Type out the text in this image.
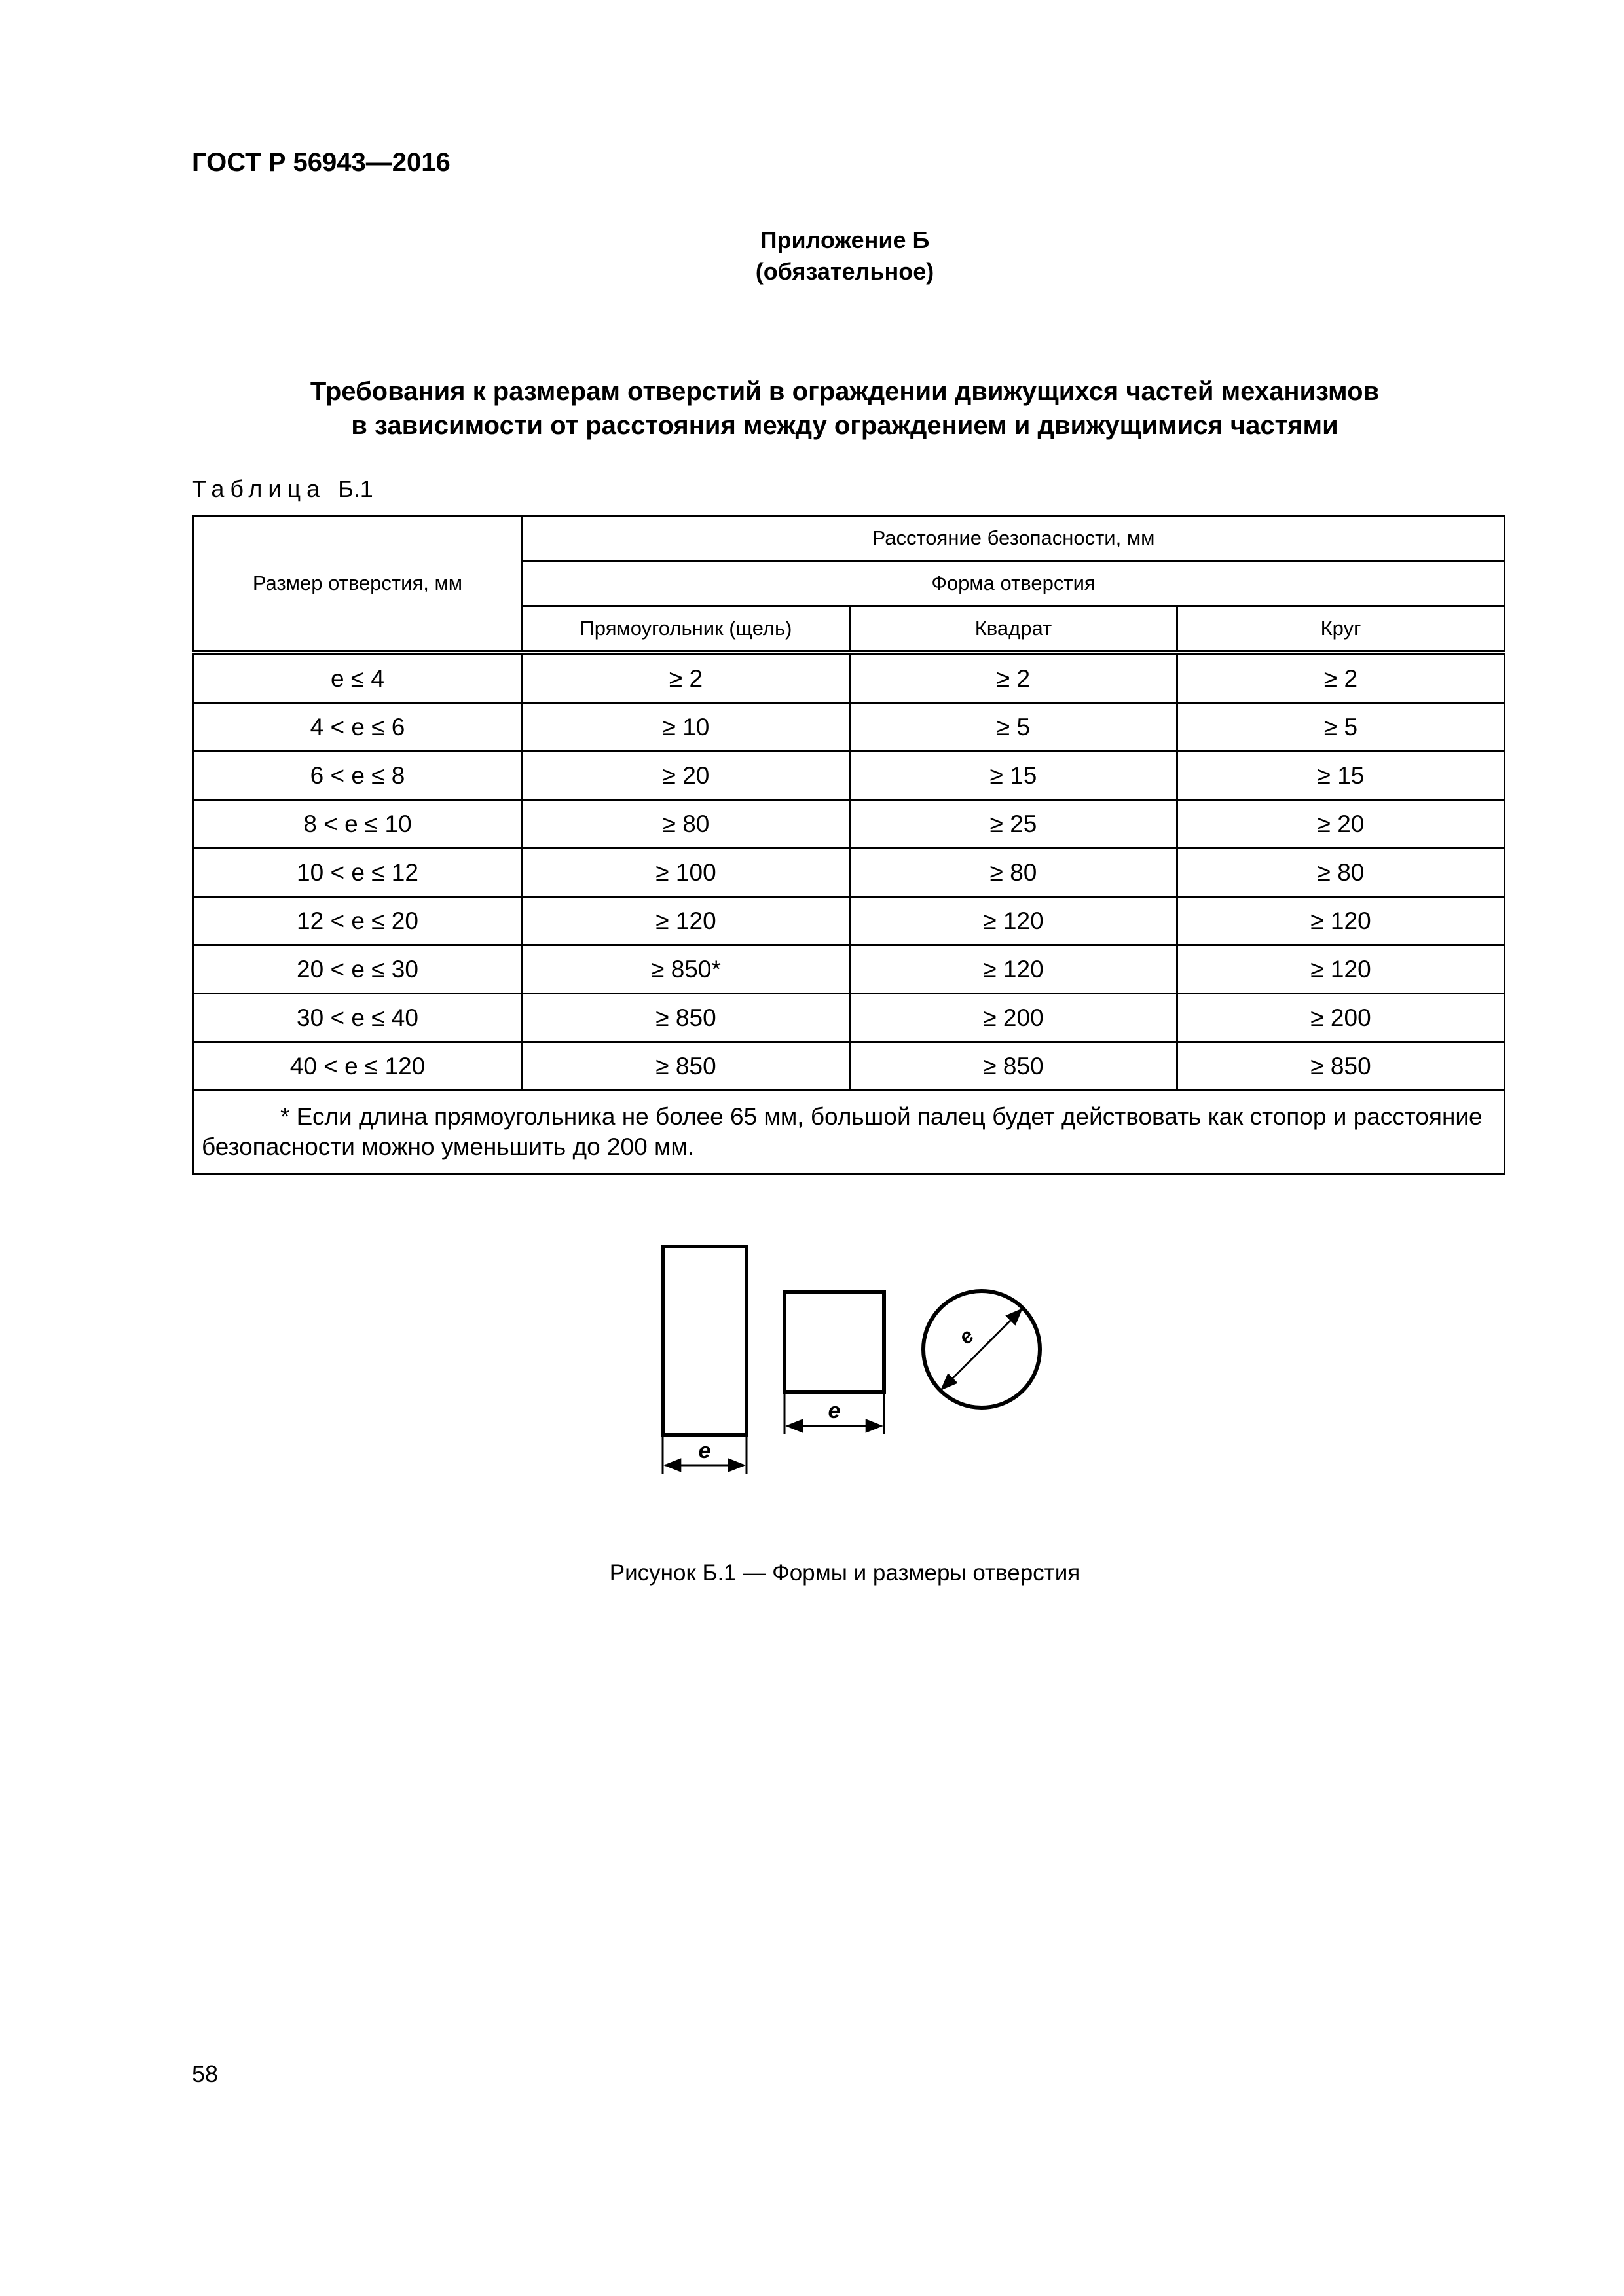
ГОСТ Р 56943—2016
Приложение Б
(обязательное)
Требования к размерам отверстий в ограждении движущихся частей механизмов
в зависимости от расстояния между ограждением и движущимися частями
Таблица Б.1
Размер отверстия, мм	Расстояние безопасности, мм		
	Форма отверстия		
	Прямоугольник (щель)	Квадрат	Круг
e ≤ 4	≥ 2	≥ 2	≥ 2
4 < e ≤ 6	≥ 10	≥ 5	≥ 5
6 < e ≤ 8	≥ 20	≥ 15	≥ 15
8 < e ≤ 10	≥ 80	≥ 25	≥ 20
10 < e ≤ 12	≥ 100	≥ 80	≥ 80
12 < e ≤ 20	≥ 120	≥ 120	≥ 120
20 < e ≤ 30	≥ 850*	≥ 120	≥ 120
30 < e ≤ 40	≥ 850	≥ 200	≥ 200
40 < e ≤ 120	≥ 850	≥ 850	≥ 850
* Если длина прямоугольника не более 65 мм, большой палец будет действовать как стопор и расстояние безопасности можно уменьшить до 200 мм.			
e
e
e
Рисунок Б.1 — Формы и размеры отверстия
58
